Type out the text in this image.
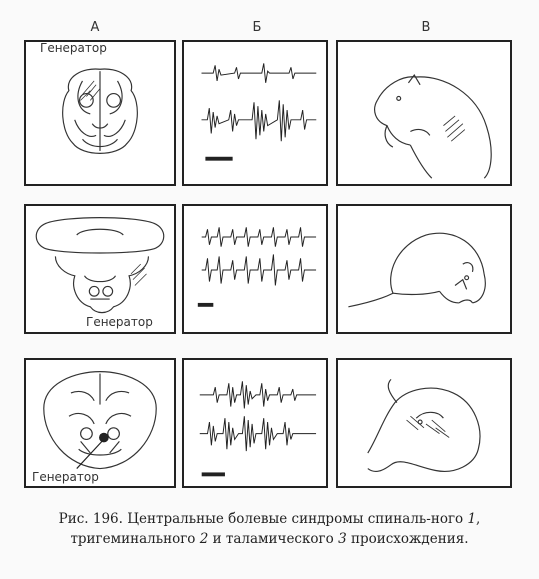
А	Б	В
Генератор
Генератор
Генератор
Рис. 196. Центральные болевые синдромы спиналь-ного 1, тригеминального 2 и таламического 3 происхождения.
